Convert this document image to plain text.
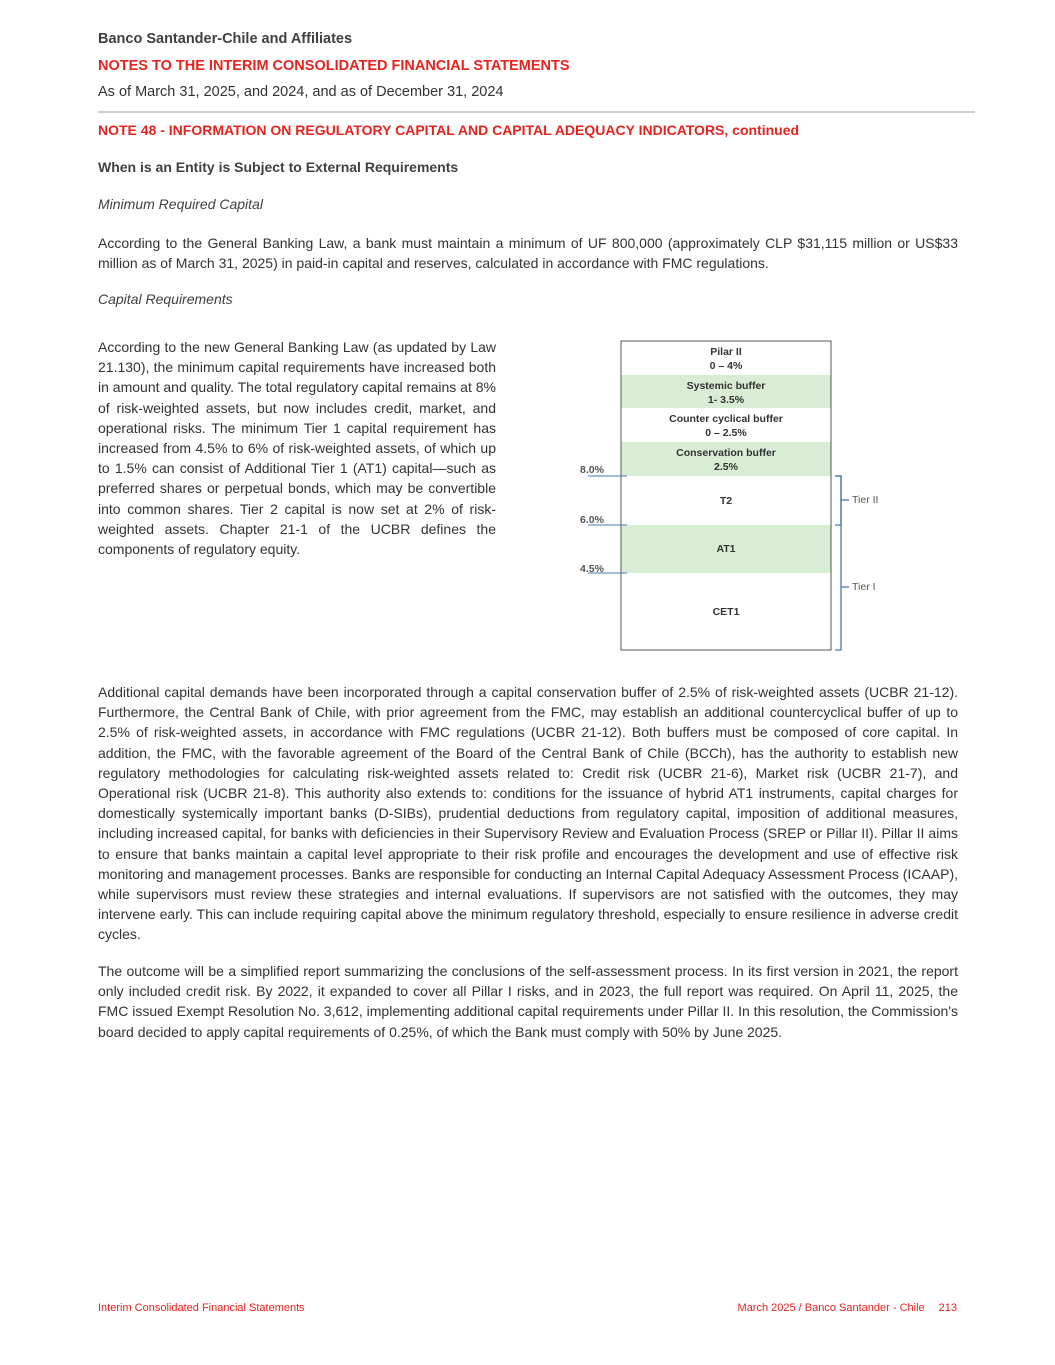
Banco Santander-Chile and Affiliates
NOTES TO THE INTERIM CONSOLIDATED FINANCIAL STATEMENTS
As of March 31, 2025, and 2024, and as of December 31, 2024
NOTE 48 - INFORMATION ON REGULATORY CAPITAL AND CAPITAL ADEQUACY INDICATORS, continued
When is an Entity is Subject to External Requirements
Minimum Required Capital

According to the General Banking Law, a bank must maintain a minimum of UF 800,000 (approximately CLP $31,115 million or US$33 million as of March 31, 2025) in paid-in capital and reserves, calculated in accordance with FMC regulations.

Capital Requirements

According to the new General Banking Law (as updated by Law 21.130), the minimum capital requirements have increased both in amount and quality. The total regulatory capital remains at 8% of risk-weighted assets, but now includes credit, market, and operational risks. The minimum Tier 1 capital requirement has increased from 4.5% to 6% of risk-weighted assets, of which up to 1.5% can consist of Additional Tier 1 (AT1) capital—such as preferred shares or perpetual bonds, which may be convertible into common shares. Tier 2 capital is now set at 2% of risk-weighted assets. Chapter 21-1 of the UCBR defines the components of regulatory equity.

Pilar II
0 – 4%
Systemic buffer
1- 3.5%
Counter cyclical buffer
0 – 2.5%
Conservation buffer
2.5%
T2
AT1
CET1
8.0%
6.0%
4.5%
Tier II
Tier I

Additional capital demands have been incorporated through a capital conservation buffer of 2.5% of risk-weighted assets (UCBR 21-12). Furthermore, the Central Bank of Chile, with prior agreement from the FMC, may establish an additional countercyclical buffer of up to 2.5% of risk-weighted assets, in accordance with FMC regulations (UCBR 21-12). Both buffers must be composed of core capital. In addition, the FMC, with the favorable agreement of the Board of the Central Bank of Chile (BCCh), has the authority to establish new regulatory methodologies for calculating risk-weighted assets related to: Credit risk (UCBR 21-6), Market risk (UCBR 21-7), and Operational risk (UCBR 21-8). This authority also extends to: conditions for the issuance of hybrid AT1 instruments, capital charges for domestically systemically important banks (D-SIBs), prudential deductions from regulatory capital, imposition of additional measures, including increased capital, for banks with deficiencies in their Supervisory Review and Evaluation Process (SREP or Pillar II). Pillar II aims to ensure that banks maintain a capital level appropriate to their risk profile and encourages the development and use of effective risk monitoring and management processes. Banks are responsible for conducting an Internal Capital Adequacy Assessment Process (ICAAP), while supervisors must review these strategies and internal evaluations. If supervisors are not satisfied with the outcomes, they may intervene early. This can include requiring capital above the minimum regulatory threshold, especially to ensure resilience in adverse credit cycles.

The outcome will be a simplified report summarizing the conclusions of the self-assessment process. In its first version in 2021, the report only included credit risk. By 2022, it expanded to cover all Pillar I risks, and in 2023, the full report was required. On April 11, 2025, the FMC issued Exempt Resolution No. 3,612, implementing additional capital requirements under Pillar II. In this resolution, the Commission's board decided to apply capital requirements of 0.25%, of which the Bank must comply with 50% by June 2025.

Interim Consolidated Financial Statements	March 2025 / Banco Santander - Chile 213
